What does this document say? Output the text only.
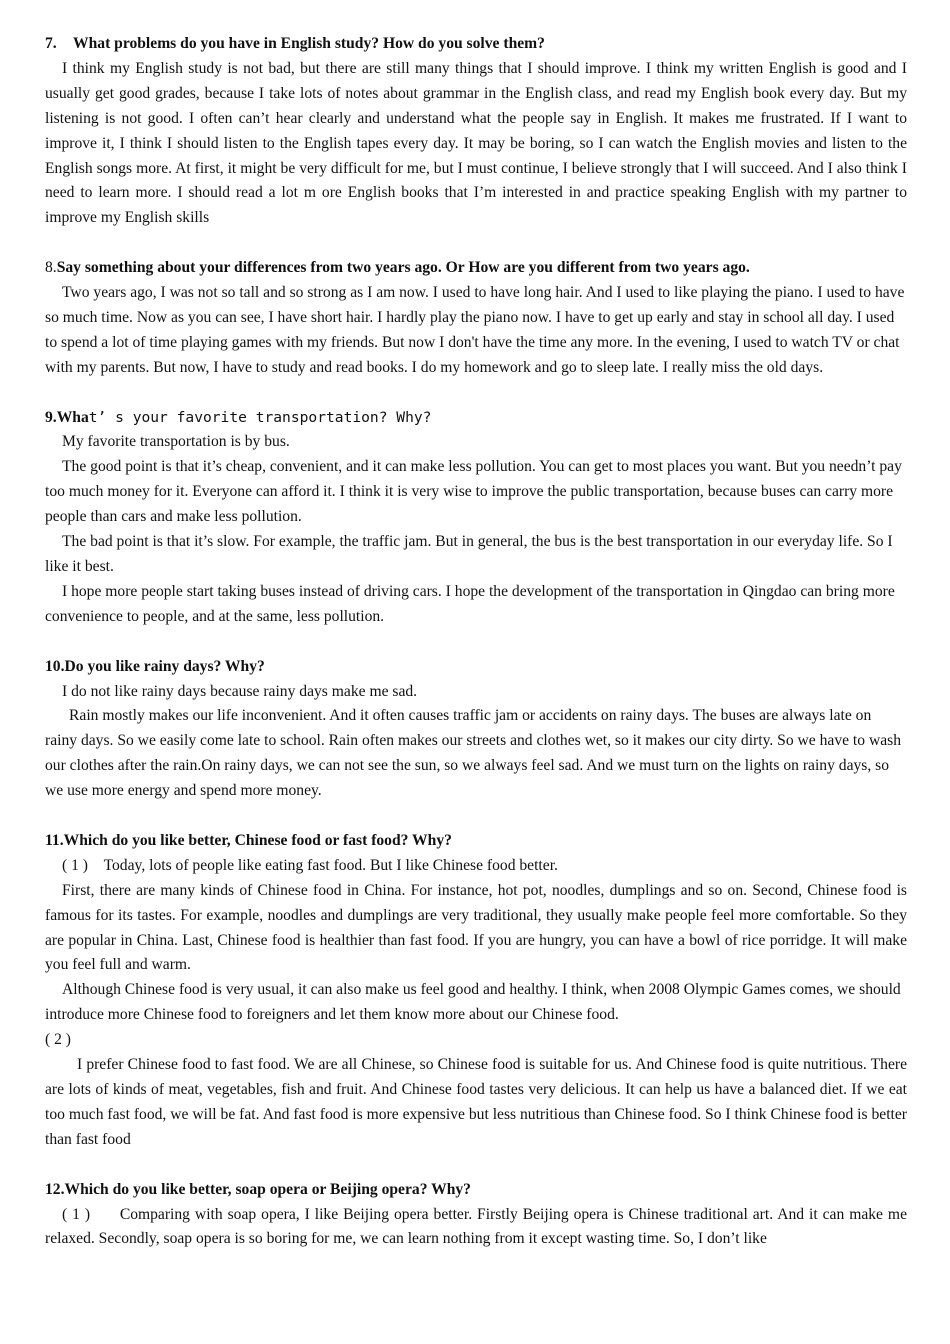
7. What problems do you have in English study? How do you solve them?

I think my English study is not bad, but there are still many things that I should improve. I think my written English is good and I usually get good grades, because I take lots of notes about grammar in the English class, and read my English book every day. But my listening is not good. I often can’t hear clearly and understand what the people say in English. It makes me frustrated. If I want to improve it, I think I should listen to the English tapes every day. It may be boring, so I can watch the English movies and listen to the English songs more. At first, it might be very difficult for me, but I must continue, I believe strongly that I will succeed. And I also think I need to learn more. I should read a lot m ore English books that I’m interested in and practice speaking English with my partner to improve my English skills

8.Say something about your differences from two years ago. Or How are you different from two years ago.

Two years ago, I was not so tall and so strong as I am now. I used to have long hair. And I used to like playing the piano. I used to have so much time. Now as you can see, I have short hair. I hardly play the piano now. I have to get up early and stay in school all day. I used to spend a lot of time playing games with my friends. But now I don't have the time any more. In the evening, I used to watch TV or chat with my parents. But now, I have to study and read books. I do my homework and go to sleep late. I really miss the old days.

9.What’ s your favorite transportation? Why?

My favorite transportation is by bus.

The good point is that it’s cheap, convenient, and it can make less pollution. You can get to most places you want. But you needn’t pay too much money for it. Everyone can afford it. I think it is very wise to improve the public transportation, because buses can carry more people than cars and make less pollution.

The bad point is that it’s slow. For example, the traffic jam. But in general, the bus is the best transportation in our everyday life. So I like it best.

I hope more people start taking buses instead of driving cars. I hope the development of the transportation in Qingdao can bring more convenience to people, and at the same, less pollution.

10.Do you like rainy days? Why?

I do not like rainy days because rainy days make me sad.

Rain mostly makes our life inconvenient. And it often causes traffic jam or accidents on rainy days. The buses are always late on rainy days. So we easily come late to school. Rain often makes our streets and clothes wet, so it makes our city dirty. So we have to wash our clothes after the rain.On rainy days, we can not see the sun, so we always feel sad. And we must turn on the lights on rainy days, so we use more energy and spend more money.

11.Which do you like better, Chinese food or fast food? Why?

( 1 ) Today, lots of people like eating fast food. But I like Chinese food better.

First, there are many kinds of Chinese food in China. For instance, hot pot, noodles, dumplings and so on. Second, Chinese food is famous for its tastes. For example, noodles and dumplings are very traditional, they usually make people feel more comfortable. So they are popular in China. Last, Chinese food is healthier than fast food. If you are hungry, you can have a bowl of rice porridge. It will make you feel full and warm.

Although Chinese food is very usual, it can also make us feel good and healthy. I think, when 2008 Olympic Games comes, we should introduce more Chinese food to foreigners and let them know more about our Chinese food.

( 2 )

I prefer Chinese food to fast food. We are all Chinese, so Chinese food is suitable for us. And Chinese food is quite nutritious. There are lots of kinds of meat, vegetables, fish and fruit. And Chinese food tastes very delicious. It can help us have a balanced diet. If we eat too much fast food, we will be fat. And fast food is more expensive but less nutritious than Chinese food. So I think Chinese food is better than fast food

12.Which do you like better, soap opera or Beijing opera? Why?

( 1 ) Comparing with soap opera, I like Beijing opera better. Firstly Beijing opera is Chinese traditional art. And it can make me relaxed. Secondly, soap opera is so boring for me, we can learn nothing from it except wasting time. So, I don’t like
